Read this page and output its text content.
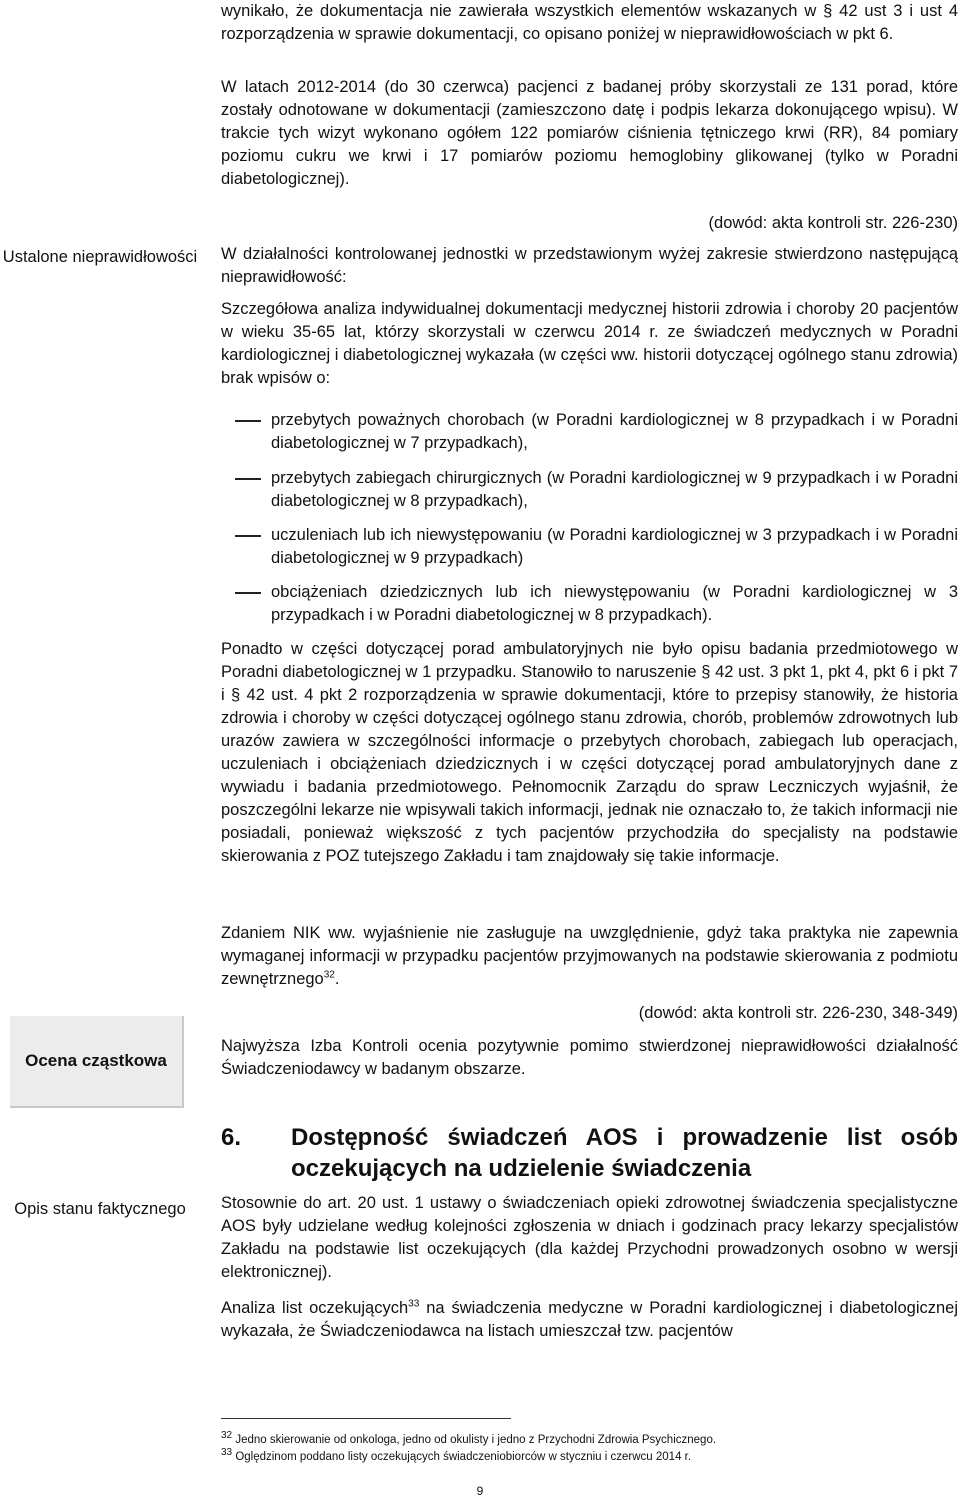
Ustalone nieprawidłowości
Ocena cząstkowa
Opis stanu faktycznego
wynikało, że dokumentacja nie zawierała wszystkich elementów wskazanych w § 42 ust 3 i ust 4 rozporządzenia w sprawie dokumentacji, co opisano poniżej w nieprawidłowościach w pkt 6.
W latach 2012-2014 (do 30 czerwca) pacjenci z badanej próby skorzystali ze 131 porad, które zostały odnotowane w dokumentacji (zamieszczono datę i podpis lekarza dokonującego wpisu). W trakcie tych wizyt wykonano ogółem 122 pomiarów ciśnienia tętniczego krwi (RR), 84 pomiary poziomu cukru we krwi i 17 pomiarów poziomu hemoglobiny glikowanej (tylko w Poradni diabetologicznej).
(dowód: akta kontroli str. 226-230)
W działalności kontrolowanej jednostki w przedstawionym wyżej zakresie stwierdzono następującą nieprawidłowość:
Szczegółowa analiza indywidualnej dokumentacji medycznej historii zdrowia i choroby 20 pacjentów w wieku 35-65 lat, którzy skorzystali w czerwcu 2014 r. ze świadczeń medycznych w Poradni kardiologicznej i diabetologicznej wykazała (w części ww. historii dotyczącej ogólnego stanu zdrowia) brak wpisów o:
przebytych poważnych chorobach (w Poradni kardiologicznej w 8 przypadkach i w Poradni diabetologicznej w 7 przypadkach),
przebytych zabiegach chirurgicznych (w Poradni kardiologicznej w 9 przypadkach i w Poradni diabetologicznej w 8 przypadkach),
uczuleniach lub ich niewystępowaniu (w Poradni kardiologicznej w 3 przypadkach i w Poradni diabetologicznej w 9 przypadkach)
obciążeniach dziedzicznych lub ich niewystępowaniu (w Poradni kardiologicznej w 3 przypadkach i w Poradni diabetologicznej w 8 przypadkach).
Ponadto w części dotyczącej porad ambulatoryjnych nie było opisu badania przedmiotowego w Poradni diabetologicznej w 1 przypadku. Stanowiło to naruszenie § 42 ust. 3 pkt 1, pkt 4, pkt 6 i pkt 7 i § 42 ust. 4 pkt 2 rozporządzenia w sprawie dokumentacji, które to przepisy stanowiły, że historia zdrowia i choroby w części dotyczącej ogólnego stanu zdrowia, chorób, problemów zdrowotnych lub urazów zawiera w szczególności informacje o przebytych chorobach, zabiegach lub operacjach, uczuleniach i obciążeniach dziedzicznych i w części dotyczącej porad ambulatoryjnych dane z wywiadu i badania przedmiotowego. Pełnomocnik Zarządu do spraw Leczniczych wyjaśnił, że poszczególni lekarze nie wpisywali takich informacji, jednak nie oznaczało to, że takich informacji nie posiadali, ponieważ większość z tych pacjentów przychodziła do specjalisty na podstawie skierowania z POZ tutejszego Zakładu i tam znajdowały się takie informacje.
Zdaniem NIK ww. wyjaśnienie nie zasługuje na uwzględnienie, gdyż taka praktyka nie zapewnia wymaganej informacji w przypadku pacjentów przyjmowanych na podstawie skierowania z podmiotu zewnętrznego$^{32}$.
(dowód: akta kontroli str. 226-230, 348-349)
Najwyższa Izba Kontroli ocenia pozytywnie pomimo stwierdzonej nieprawidłowości działalność Świadczeniodawcy w badanym obszarze.
6. Dostępność świadczeń AOS i prowadzenie list osób oczekujących na udzielenie świadczenia
Stosownie do art. 20 ust. 1 ustawy o świadczeniach opieki zdrowotnej świadczenia specjalistyczne AOS były udzielane według kolejności zgłoszenia w dniach i godzinach pracy lekarzy specjalistów Zakładu na podstawie list oczekujących (dla każdej Przychodni prowadzonych osobno w wersji elektronicznej).
Analiza list oczekujących$^{33}$ na świadczenia medyczne w Poradni kardiologicznej i diabetologicznej wykazała, że Świadczeniodawca na listach umieszczał tzw. pacjentów
$^{32}$ Jedno skierowanie od onkologa, jedno od okulisty i jedno z Przychodni Zdrowia Psychicznego.
$^{33}$ Oględzinom poddano listy oczekujących świadczeniobiorców w styczniu i czerwcu 2014 r.
9
